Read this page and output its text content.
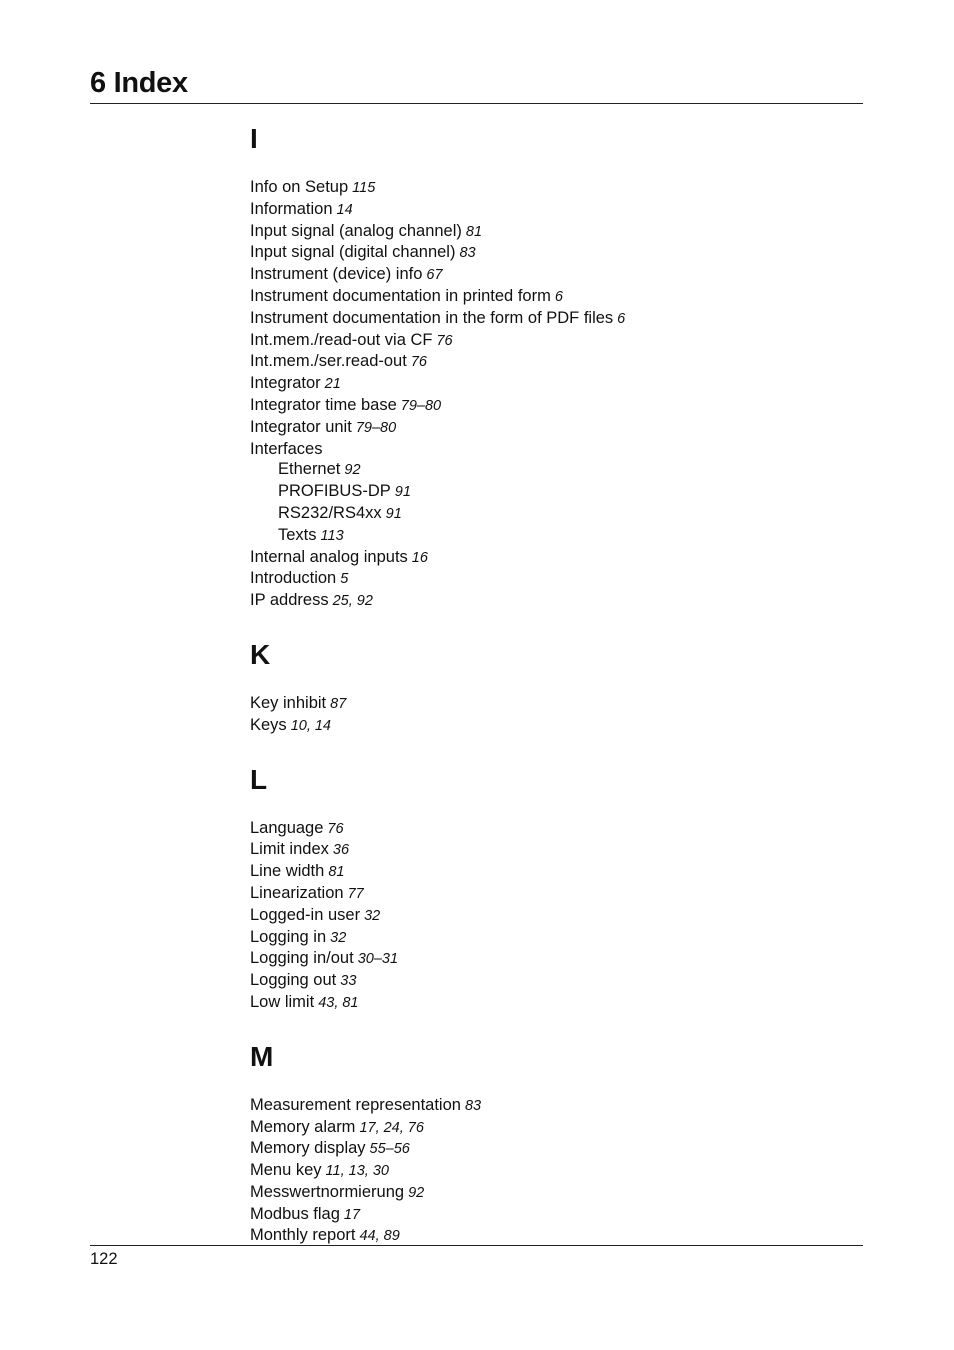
6 Index
I
Info on Setup 115
Information 14
Input signal (analog channel) 81
Input signal (digital channel) 83
Instrument (device) info 67
Instrument documentation in printed form 6
Instrument documentation in the form of PDF files 6
Int.mem./read-out via CF 76
Int.mem./ser.read-out 76
Integrator 21
Integrator time base 79–80
Integrator unit 79–80
Interfaces
Ethernet 92
PROFIBUS-DP 91
RS232/RS4xx 91
Texts 113
Internal analog inputs 16
Introduction 5
IP address 25, 92
K
Key inhibit 87
Keys 10, 14
L
Language 76
Limit index 36
Line width 81
Linearization 77
Logged-in user 32
Logging in 32
Logging in/out 30–31
Logging out 33
Low limit 43, 81
M
Measurement representation 83
Memory alarm 17, 24, 76
Memory display 55–56
Menu key 11, 13, 30
Messwertnormierung 92
Modbus flag 17
Monthly report 44, 89
122
